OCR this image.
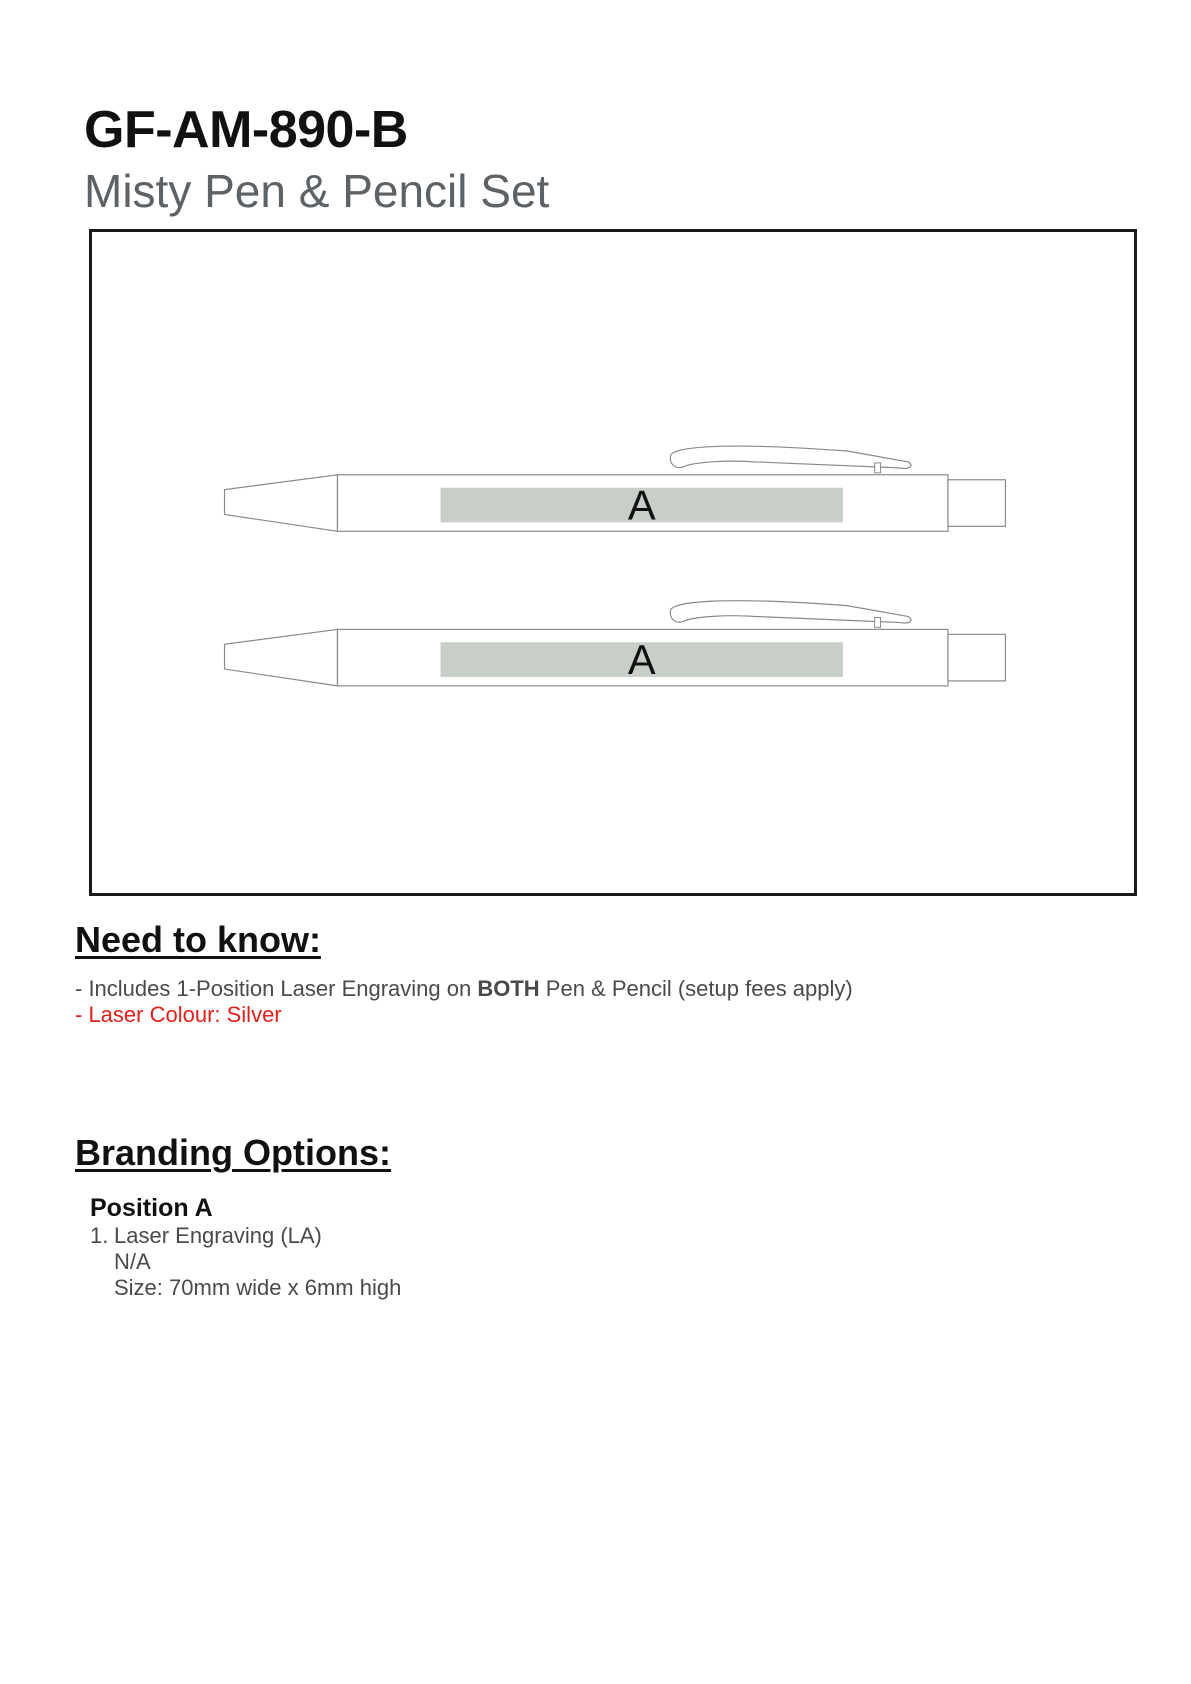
GF-AM-890-B
Misty Pen & Pencil Set
A
A
Need to know:
- Includes 1-Position Laser Engraving on BOTH Pen & Pencil (setup fees apply)
- Laser Colour: Silver
Branding Options:
Position A
1. Laser Engraving (LA)
N/A
Size: 70mm wide x 6mm high
